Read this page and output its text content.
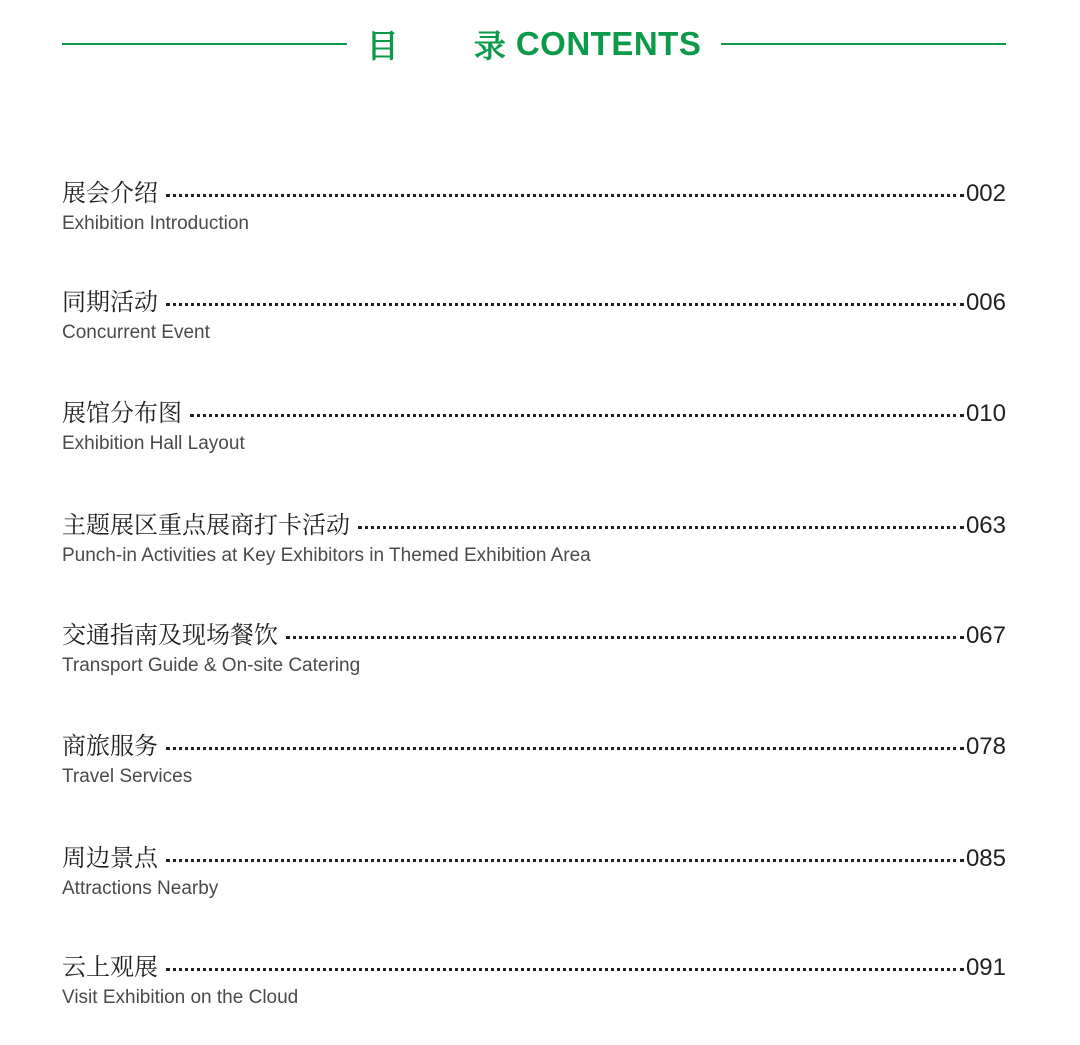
目 录
CONTENTS
展会介绍	002
Exhibition Introduction
同期活动	006
Concurrent Event
展馆分布图	010
Exhibition Hall Layout
主题展区重点展商打卡活动	063
Punch-in Activities at Key Exhibitors in Themed Exhibition Area
交通指南及现场餐饮	067
Transport Guide & On-site Catering
商旅服务	078
Travel Services
周边景点	085
Attractions Nearby
云上观展	091
Visit Exhibition on the Cloud
